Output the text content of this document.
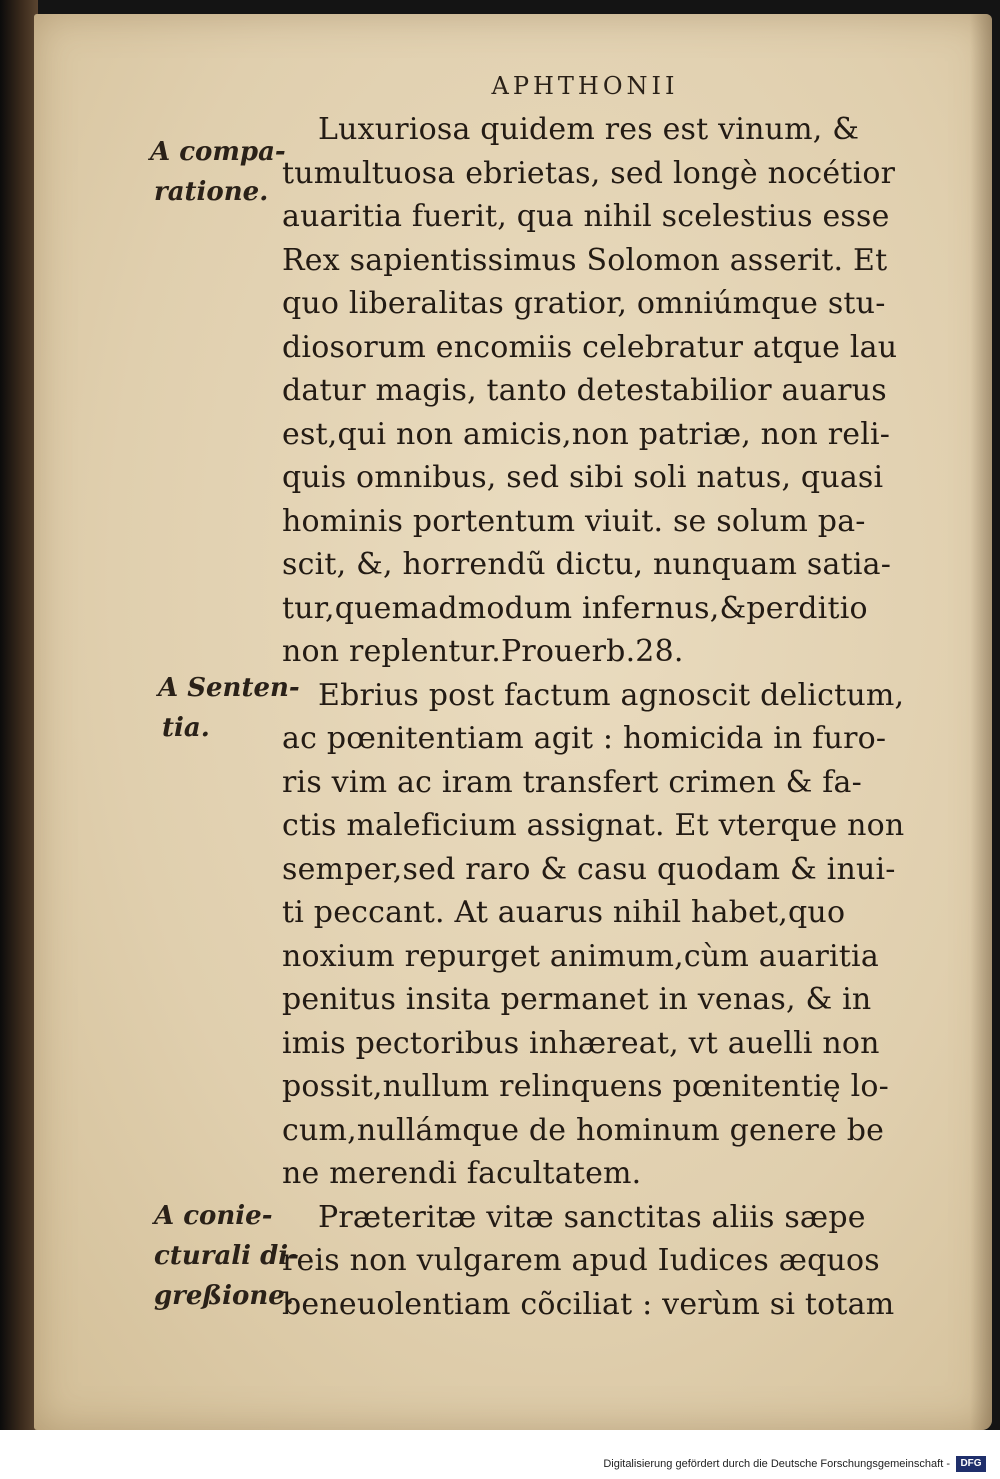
APHTHONII
A compa-
ratione.
A Senten-
tia.
A conie-
cturali di-
greßione.
Luxuriosa quidem res est vinum, &
tumultuosa ebrietas, sed longè nocétior
auaritia fuerit, qua nihil scelestius esse
Rex sapientissimus Solomon asserit. Et
quo liberalitas gratior, omniúmque stu-
diosorum encomiis celebratur atque lau
datur magis, tanto detestabilior auarus
est,qui non amicis,non patriæ, non reli-
quis omnibus, sed sibi soli natus, quasi
hominis portentum viuit. se solum pa-
scit, &, horrendũ dictu, nunquam satia-
tur,quemadmodum infernus,&perditio
non replentur.Prouerb.28.
Ebrius post factum agnoscit delictum,
ac pœnitentiam agit : homicida in furo-
ris vim ac iram transfert crimen & fa-
ctis maleficium assignat. Et vterque non
semper,sed raro & casu quodam & inui-
ti peccant. At auarus nihil habet,quo
noxium repurget animum,cùm auaritia
penitus insita permanet in venas, & in
imis pectoribus inhæreat, vt auelli non
possit,nullum relinquens pœnitentię lo-
cum,nullámque de hominum genere be
ne merendi facultatem.
Præteritæ vitæ sanctitas aliis sæpe
reis non vulgarem apud Iudices æquos
beneuolentiam cõciliat : verùm si totam
Digitalisierung gefördert durch die Deutsche Forschungsgemeinschaft -	DFG
